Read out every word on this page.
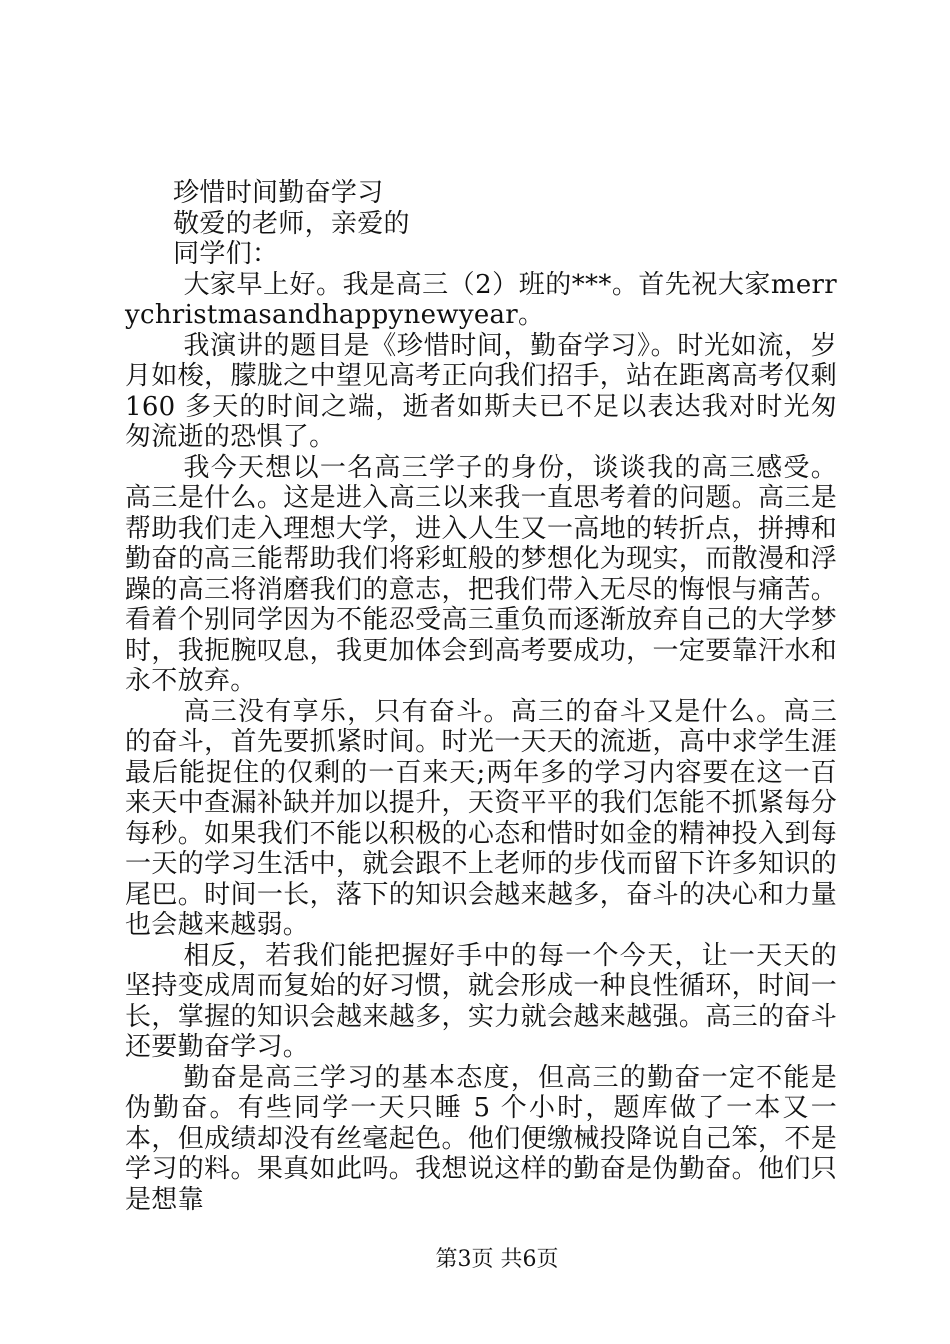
珍惜时间勤奋学习

敬爱的老师，亲爱的

同学们：

大家早上好。我是高三（2）班的***。首先祝大家merrychristmasandhappynewyear。

我演讲的题目是《珍惜时间，勤奋学习》。时光如流，岁月如梭，朦胧之中望见高考正向我们招手，站在距离高考仅剩160 多天的时间之端，逝者如斯夫已不足以表达我对时光匆匆流逝的恐惧了。

我今天想以一名高三学子的身份，谈谈我的高三感受。高三是什么。这是进入高三以来我一直思考着的问题。高三是帮助我们走入理想大学，进入人生又一高地的转折点，拼搏和勤奋的高三能帮助我们将彩虹般的梦想化为现实，而散漫和浮躁的高三将消磨我们的意志，把我们带入无尽的悔恨与痛苦。看着个别同学因为不能忍受高三重负而逐渐放弃自己的大学梦时，我扼腕叹息，我更加体会到高考要成功，一定要靠汗水和永不放弃。

高三没有享乐，只有奋斗。高三的奋斗又是什么。高三的奋斗，首先要抓紧时间。时光一天天的流逝，高中求学生涯最后能捉住的仅剩的一百来天;两年多的学习内容要在这一百来天中查漏补缺并加以提升，天资平平的我们怎能不抓紧每分每秒。如果我们不能以积极的心态和惜时如金的精神投入到每一天的学习生活中，就会跟不上老师的步伐而留下许多知识的尾巴。时间一长，落下的知识会越来越多，奋斗的决心和力量也会越来越弱。

相反，若我们能把握好手中的每一个今天，让一天天的坚持变成周而复始的好习惯，就会形成一种良性循环，时间一长，掌握的知识会越来越多，实力就会越来越强。高三的奋斗还要勤奋学习。

勤奋是高三学习的基本态度，但高三的勤奋一定不能是伪勤奋。有些同学一天只睡 5 个小时，题库做了一本又一本，但成绩却没有丝毫起色。他们便缴械投降说自己笨，不是学习的料。果真如此吗。我想说这样的勤奋是伪勤奋。他们只是想靠

第3页 共6页
